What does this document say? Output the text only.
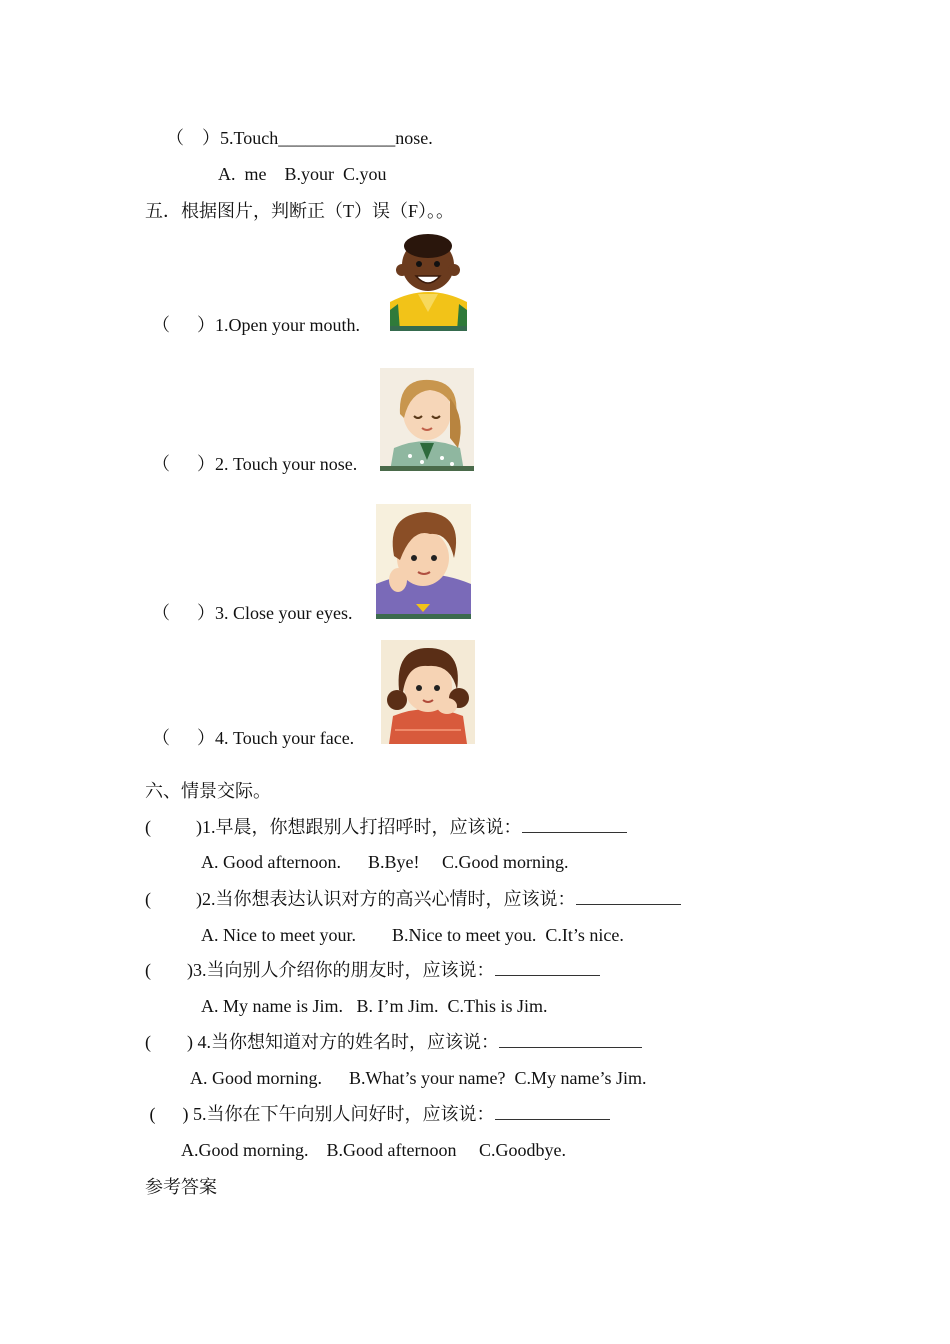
（    ）5.Touch_____________nose.
A.  me    B.your  C.you
五．根据图片，判断正（T）误（F）。。
（      ）1.Open your mouth.
（      ）2. Touch your nose.
（      ）3. Close your eyes.
（      ）4. Touch your face.
六、情景交际。
(          )1.早晨，你想跟别人打招呼时，应该说：
A. Good afternoon.      B.Bye!     C.Good morning.
(          )2.当你想表达认识对方的高兴心情时，应该说：
A. Nice to meet your.        B.Nice to meet you.  C.It’s nice.
(        )3.当向别人介绍你的朋友时，应该说：
A. My name is Jim.   B. I’m Jim.  C.This is Jim.
(        ) 4.当你想知道对方的姓名时，应该说：
A. Good morning.      B.What’s your name?  C.My name’s Jim.
(      ) 5.当你在下午向别人问好时，应该说：
A.Good morning.    B.Good afternoon     C.Goodbye.
参考答案
